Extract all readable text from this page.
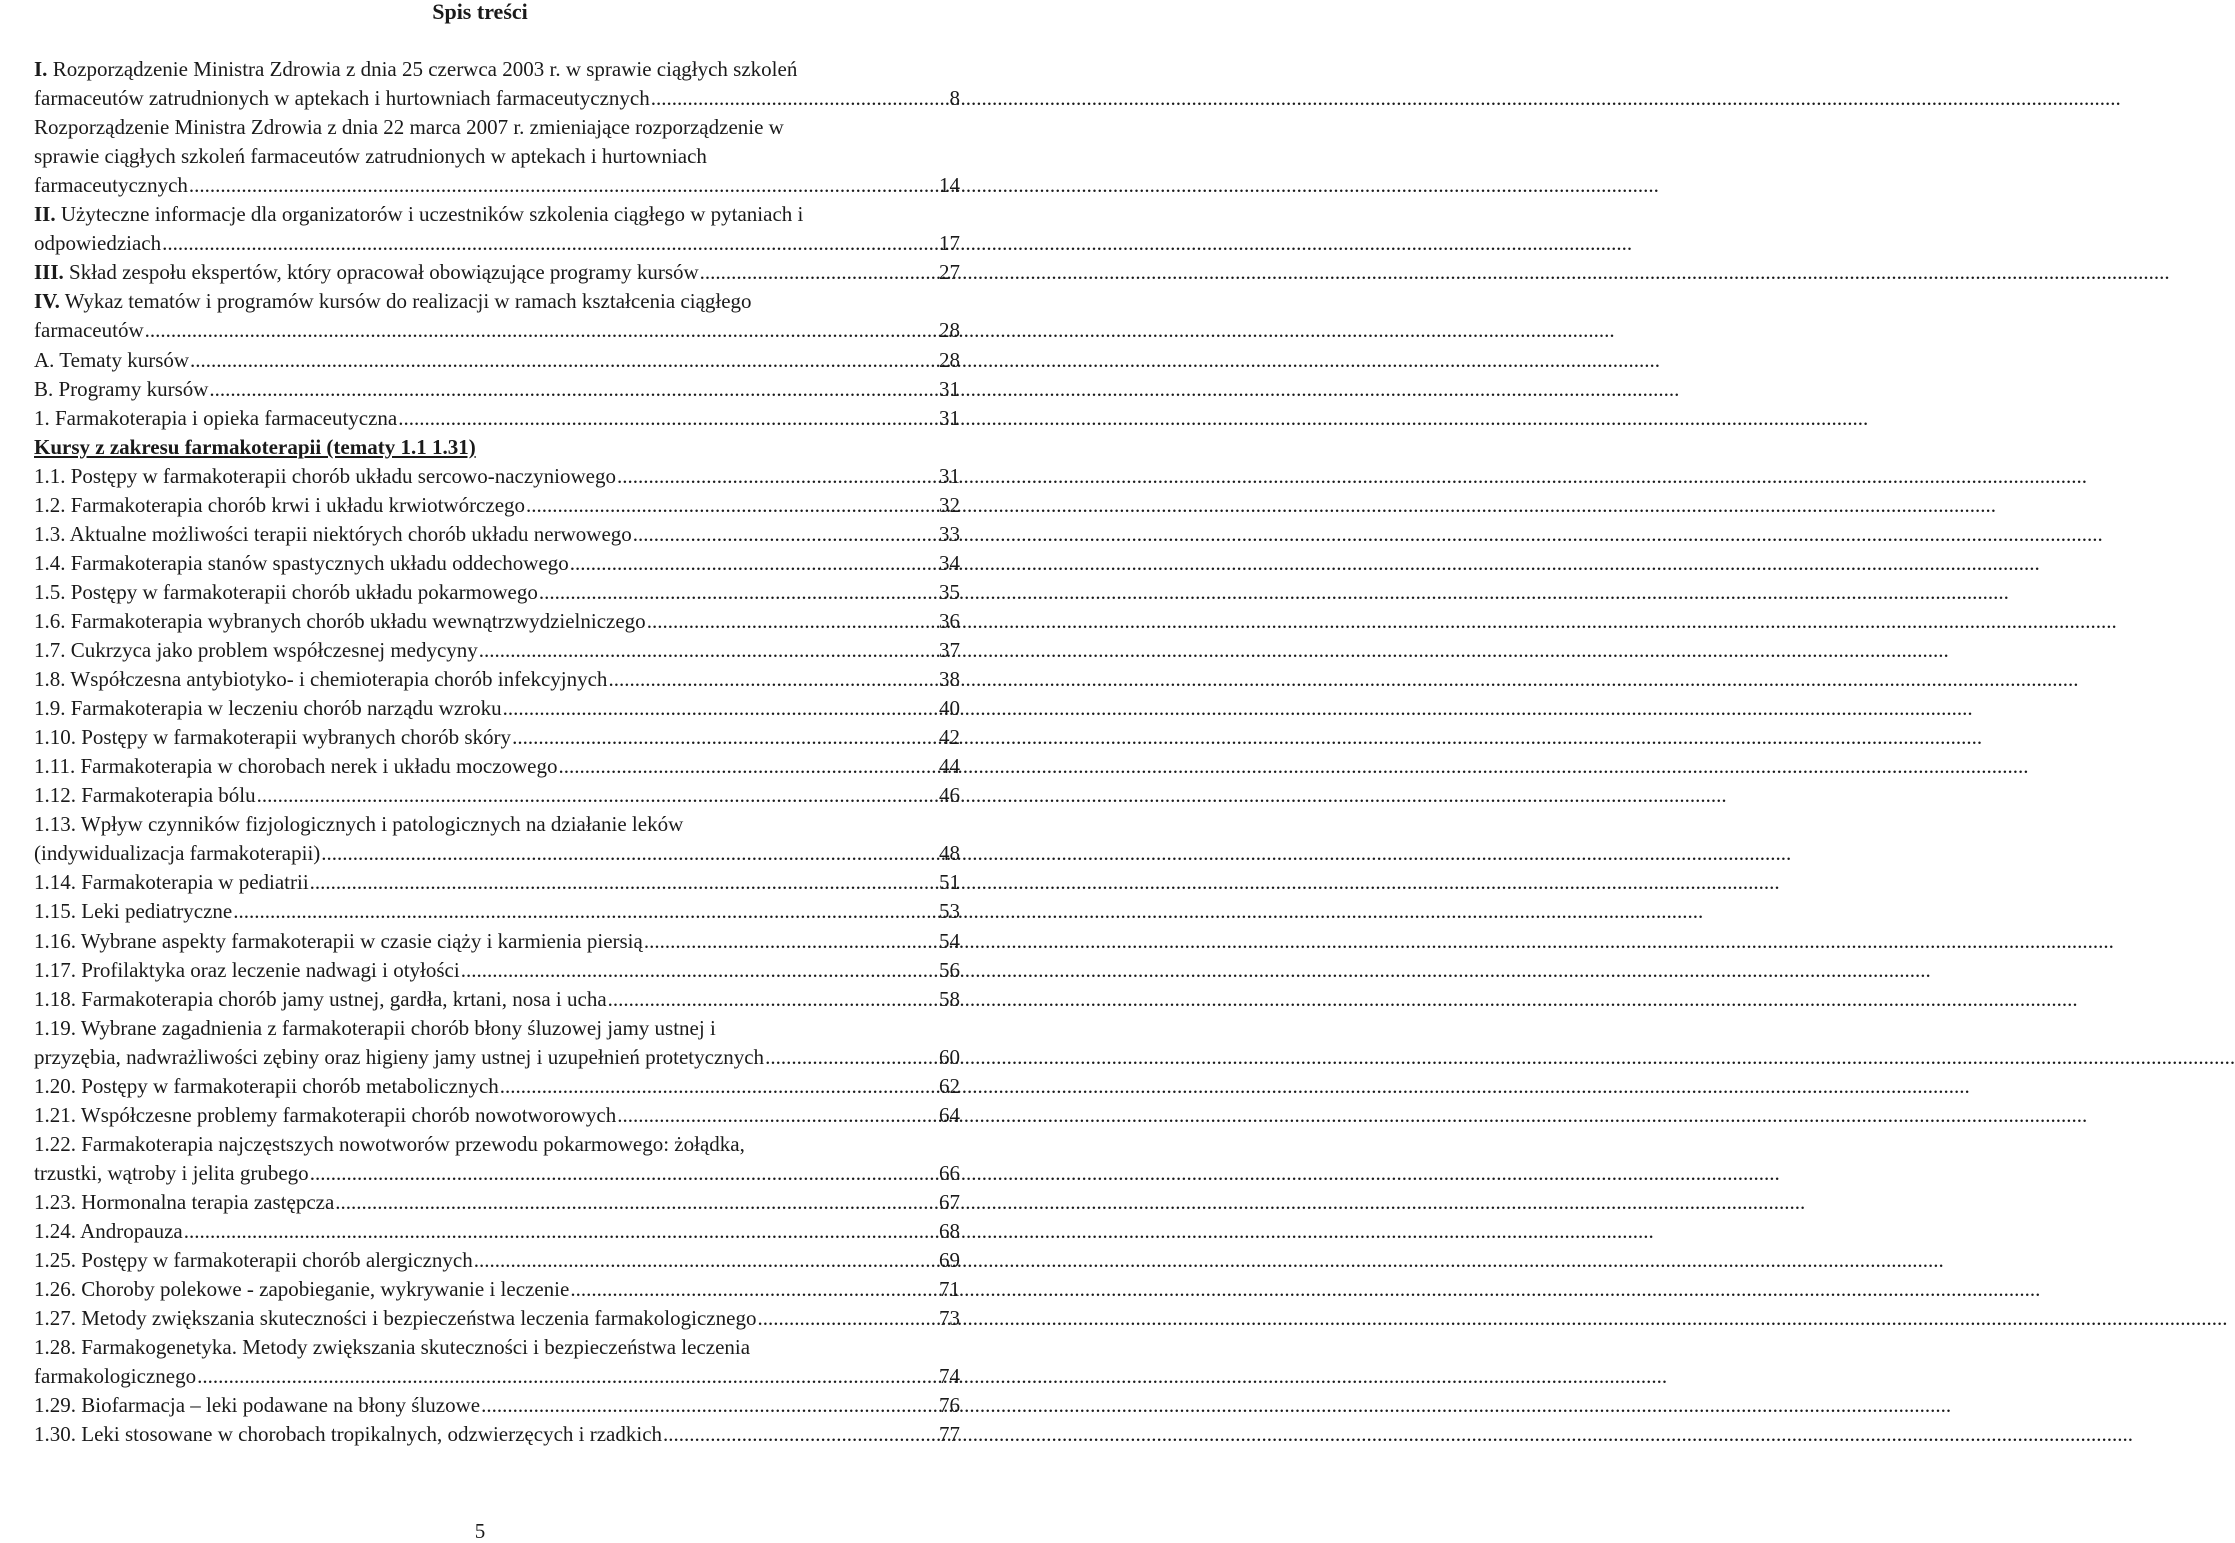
Spis treści
I. Rozporządzenie Ministra Zdrowia z dnia 25 czerwca 2003 r. w sprawie ciągłych szkoleń
farmaceutów zatrudnionych w aptekach i hurtowniach farmaceutycznych .....	8
Rozporządzenie Ministra Zdrowia z dnia 22 marca 2007 r. zmieniające rozporządzenie w
sprawie ciągłych szkoleń farmaceutów zatrudnionych w aptekach i hurtowniach
farmaceutycznych .....	14
II. Użyteczne informacje dla organizatorów i uczestników szkolenia ciągłego w pytaniach i
odpowiedziach .....	17
III. Skład zespołu ekspertów, który opracował obowiązujące programy kursów .....	27
IV. Wykaz tematów i programów kursów do realizacji w ramach kształcenia ciągłego
farmaceutów .....	28
A. Tematy kursów .....	28
B. Programy kursów .....	31
1. Farmakoterapia i opieka farmaceutyczna .....	31
Kursy z zakresu farmakoterapii (tematy 1.1 1.31)
1.1. Postępy w farmakoterapii chorób układu sercowo-naczyniowego .....	31
1.2. Farmakoterapia chorób krwi i układu krwiotwórczego .....	32
1.3. Aktualne możliwości terapii niektórych chorób układu nerwowego .....	33
1.4. Farmakoterapia stanów spastycznych układu oddechowego .....	34
1.5. Postępy w farmakoterapii chorób układu pokarmowego .....	35
1.6. Farmakoterapia wybranych chorób układu wewnątrzwydzielniczego .....	36
1.7. Cukrzyca jako problem współczesnej medycyny .....	37
1.8. Współczesna antybiotyko- i chemioterapia chorób infekcyjnych .....	38
1.9. Farmakoterapia w leczeniu chorób narządu wzroku .....	40
1.10. Postępy w farmakoterapii wybranych chorób skóry .....	42
1.11. Farmakoterapia w chorobach nerek i układu moczowego .....	44
1.12. Farmakoterapia bólu .....	46
1.13. Wpływ czynników fizjologicznych i patologicznych na działanie leków
(indywidualizacja farmakoterapii) .....	48
1.14. Farmakoterapia w pediatrii .....	51
1.15. Leki pediatryczne .....	53
1.16. Wybrane aspekty farmakoterapii w czasie ciąży i karmienia piersią .....	54
1.17. Profilaktyka oraz leczenie nadwagi i otyłości .....	56
1.18. Farmakoterapia chorób jamy ustnej, gardła, krtani, nosa i ucha .....	58
1.19. Wybrane zagadnienia z farmakoterapii chorób błony śluzowej jamy ustnej i
przyzębia, nadwrażliwości zębiny oraz higieny jamy ustnej i uzupełnień protetycznych .....	60
1.20. Postępy w farmakoterapii chorób metabolicznych .....	62
1.21. Współczesne problemy farmakoterapii chorób nowotworowych .....	64
1.22. Farmakoterapia najczęstszych nowotworów przewodu pokarmowego: żołądka,
trzustki, wątroby i jelita grubego .....	66
1.23. Hormonalna terapia zastępcza .....	67
1.24. Andropauza .....	68
1.25. Postępy w farmakoterapii chorób alergicznych .....	69
1.26. Choroby polekowe - zapobieganie, wykrywanie i leczenie .....	71
1.27. Metody zwiększania skuteczności i bezpieczeństwa leczenia farmakologicznego .....	73
1.28. Farmakogenetyka. Metody zwiększania skuteczności i bezpieczeństwa leczenia
farmakologicznego .....	74
1.29. Biofarmacja – leki podawane na błony śluzowe .....	76
1.30. Leki stosowane w chorobach tropikalnych, odzwierzęcych i rzadkich .....	77
5
